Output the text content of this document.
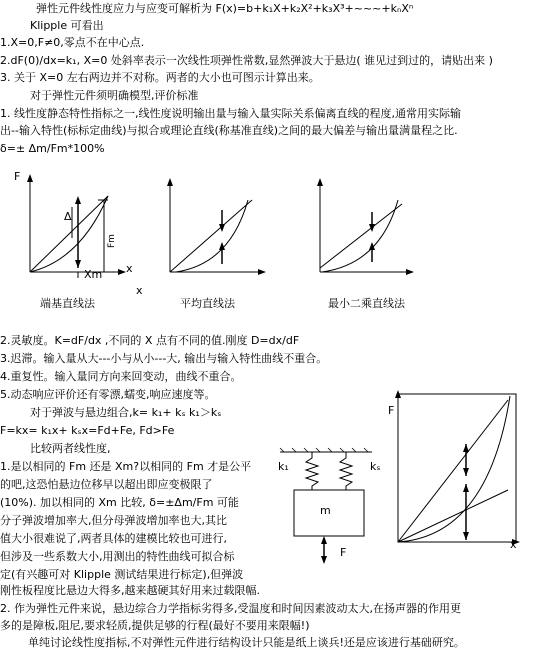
弹性元件线性度应力与应变可解析为 F(x)=b+k₁X+k₂X²+k₃X³+~~~+kₙXⁿ
Klipple 可看出
1.X=0,F≠0,零点不在中心点.
2.dF(0)/dx=k₁, X=0 处斜率表示一次线性项弹性常数,显然弹波大于悬边( 谁见过到过的，请贴出来 )
3. 关于 X=0 左右两边并不对称。两者的大小也可图示计算出来。
对于弹性元件须明确模型,评价标准
1. 线性度静态特性指标之一,线性度说明输出量与输入量实际关系偏离直线的程度,通常用实际输
出--输入特性(标标定曲线)与拟合或理论直线(称基准直线)之间的最大偏差与输出量满量程之比.
δ=± Δm/Fm*100%
F
x
x
Xm
Δ
Fm
端基直线法	平均直线法	最小二乘直线法
2.灵敏度。K=dF/dx ,不同的 X 点有不同的值.刚度 D=dx/dF
3.迟滞。输入量从大---小与从小---大, 输出与输入特性曲线不重合。
4.重复性。输入量同方向来回变动，曲线不重合。
5.动态响应评价还有零漂,蠕变,响应速度等。
对于弹波与悬边组合,k= k₁+ kₛ k₁＞kₛ
F=kx= k₁x+ kₛx=Fd+Fe, Fd>Fe
比较两者线性度,
1.是以相同的 Fm 还是 Xm?以相同的 Fm 才是公平
的吧,这恐怕悬边位移早以超出即应变极限了
(10%). 加以相同的 Xm 比较, δ=±Δm/Fm 可能
分子弹波增加率大,但分母弹波增加率也大,其比
值大小很难说了,两者具体的建模比较也可进行,
但涉及一些系数大小,用测出的特性曲线可拟合标
定(有兴趣可对 Klipple 测试结果进行标定),但弹波
刚性板程度比悬边大得多,越来越硬其好用来过载限幅.
2. 作为弹性元件来说，悬边综合力学指标劣得多,受温度和时间因素波动太大,在扬声器的作用更
多的是障板,阻尼,要求轻质,提供足够的行程(最好不要用来限幅!)
单纯讨论线性度指标,不对弹性元件进行结构设计只能是纸上谈兵!还是应该进行基础研究。
k₁	kₛ
m
F
F
x
